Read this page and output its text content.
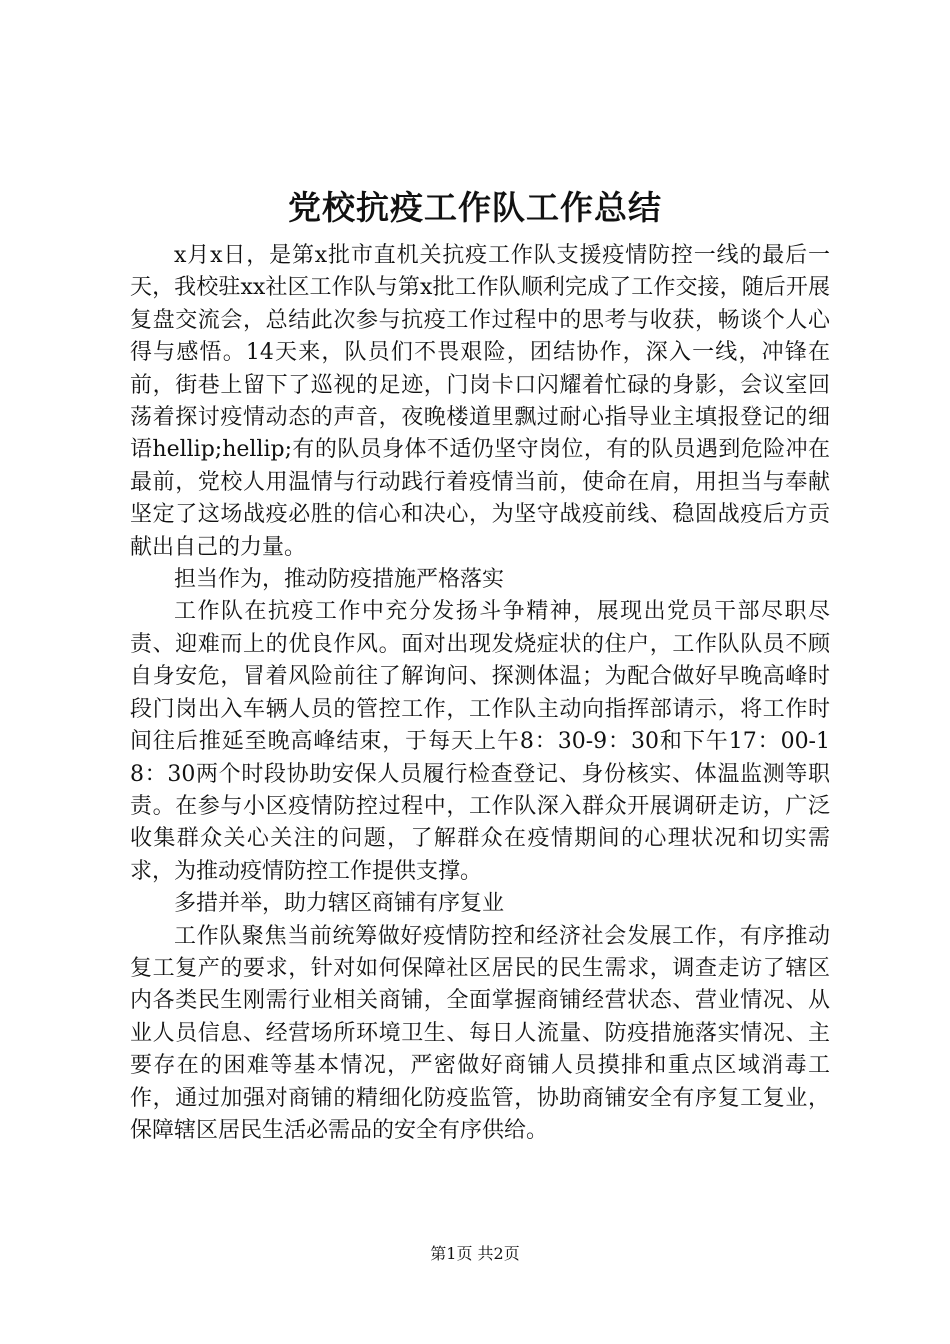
党校抗疫工作队工作总结

x月x日，是第x批市直机关抗疫工作队支援疫情防控一线的最后一天，我校驻xx社区工作队与第x批工作队顺利完成了工作交接，随后开展复盘交流会，总结此次参与抗疫工作过程中的思考与收获，畅谈个人心得与感悟。14天来，队员们不畏艰险，团结协作，深入一线，冲锋在前，街巷上留下了巡视的足迹，门岗卡口闪耀着忙碌的身影，会议室回荡着探讨疫情动态的声音，夜晚楼道里飘过耐心指导业主填报登记的细语hellip;hellip;有的队员身体不适仍坚守岗位，有的队员遇到危险冲在最前，党校人用温情与行动践行着疫情当前，使命在肩，用担当与奉献坚定了这场战疫必胜的信心和决心，为坚守战疫前线、稳固战疫后方贡献出自己的力量。

担当作为，推动防疫措施严格落实

工作队在抗疫工作中充分发扬斗争精神，展现出党员干部尽职尽责、迎难而上的优良作风。面对出现发烧症状的住户，工作队队员不顾自身安危，冒着风险前往了解询问、探测体温；为配合做好早晚高峰时段门岗出入车辆人员的管控工作，工作队主动向指挥部请示，将工作时间往后推延至晚高峰结束，于每天上午8：30-9：30和下午17：00-18：30两个时段协助安保人员履行检查登记、身份核实、体温监测等职责。在参与小区疫情防控过程中，工作队深入群众开展调研走访，广泛收集群众关心关注的问题，了解群众在疫情期间的心理状况和切实需求，为推动疫情防控工作提供支撑。

多措并举，助力辖区商铺有序复业

工作队聚焦当前统筹做好疫情防控和经济社会发展工作，有序推动复工复产的要求，针对如何保障社区居民的民生需求，调查走访了辖区内各类民生刚需行业相关商铺，全面掌握商铺经营状态、营业情况、从业人员信息、经营场所环境卫生、每日人流量、防疫措施落实情况、主要存在的困难等基本情况，严密做好商铺人员摸排和重点区域消毒工作，通过加强对商铺的精细化防疫监管，协助商铺安全有序复工复业，保障辖区居民生活必需品的安全有序供给。

第1页 共2页
